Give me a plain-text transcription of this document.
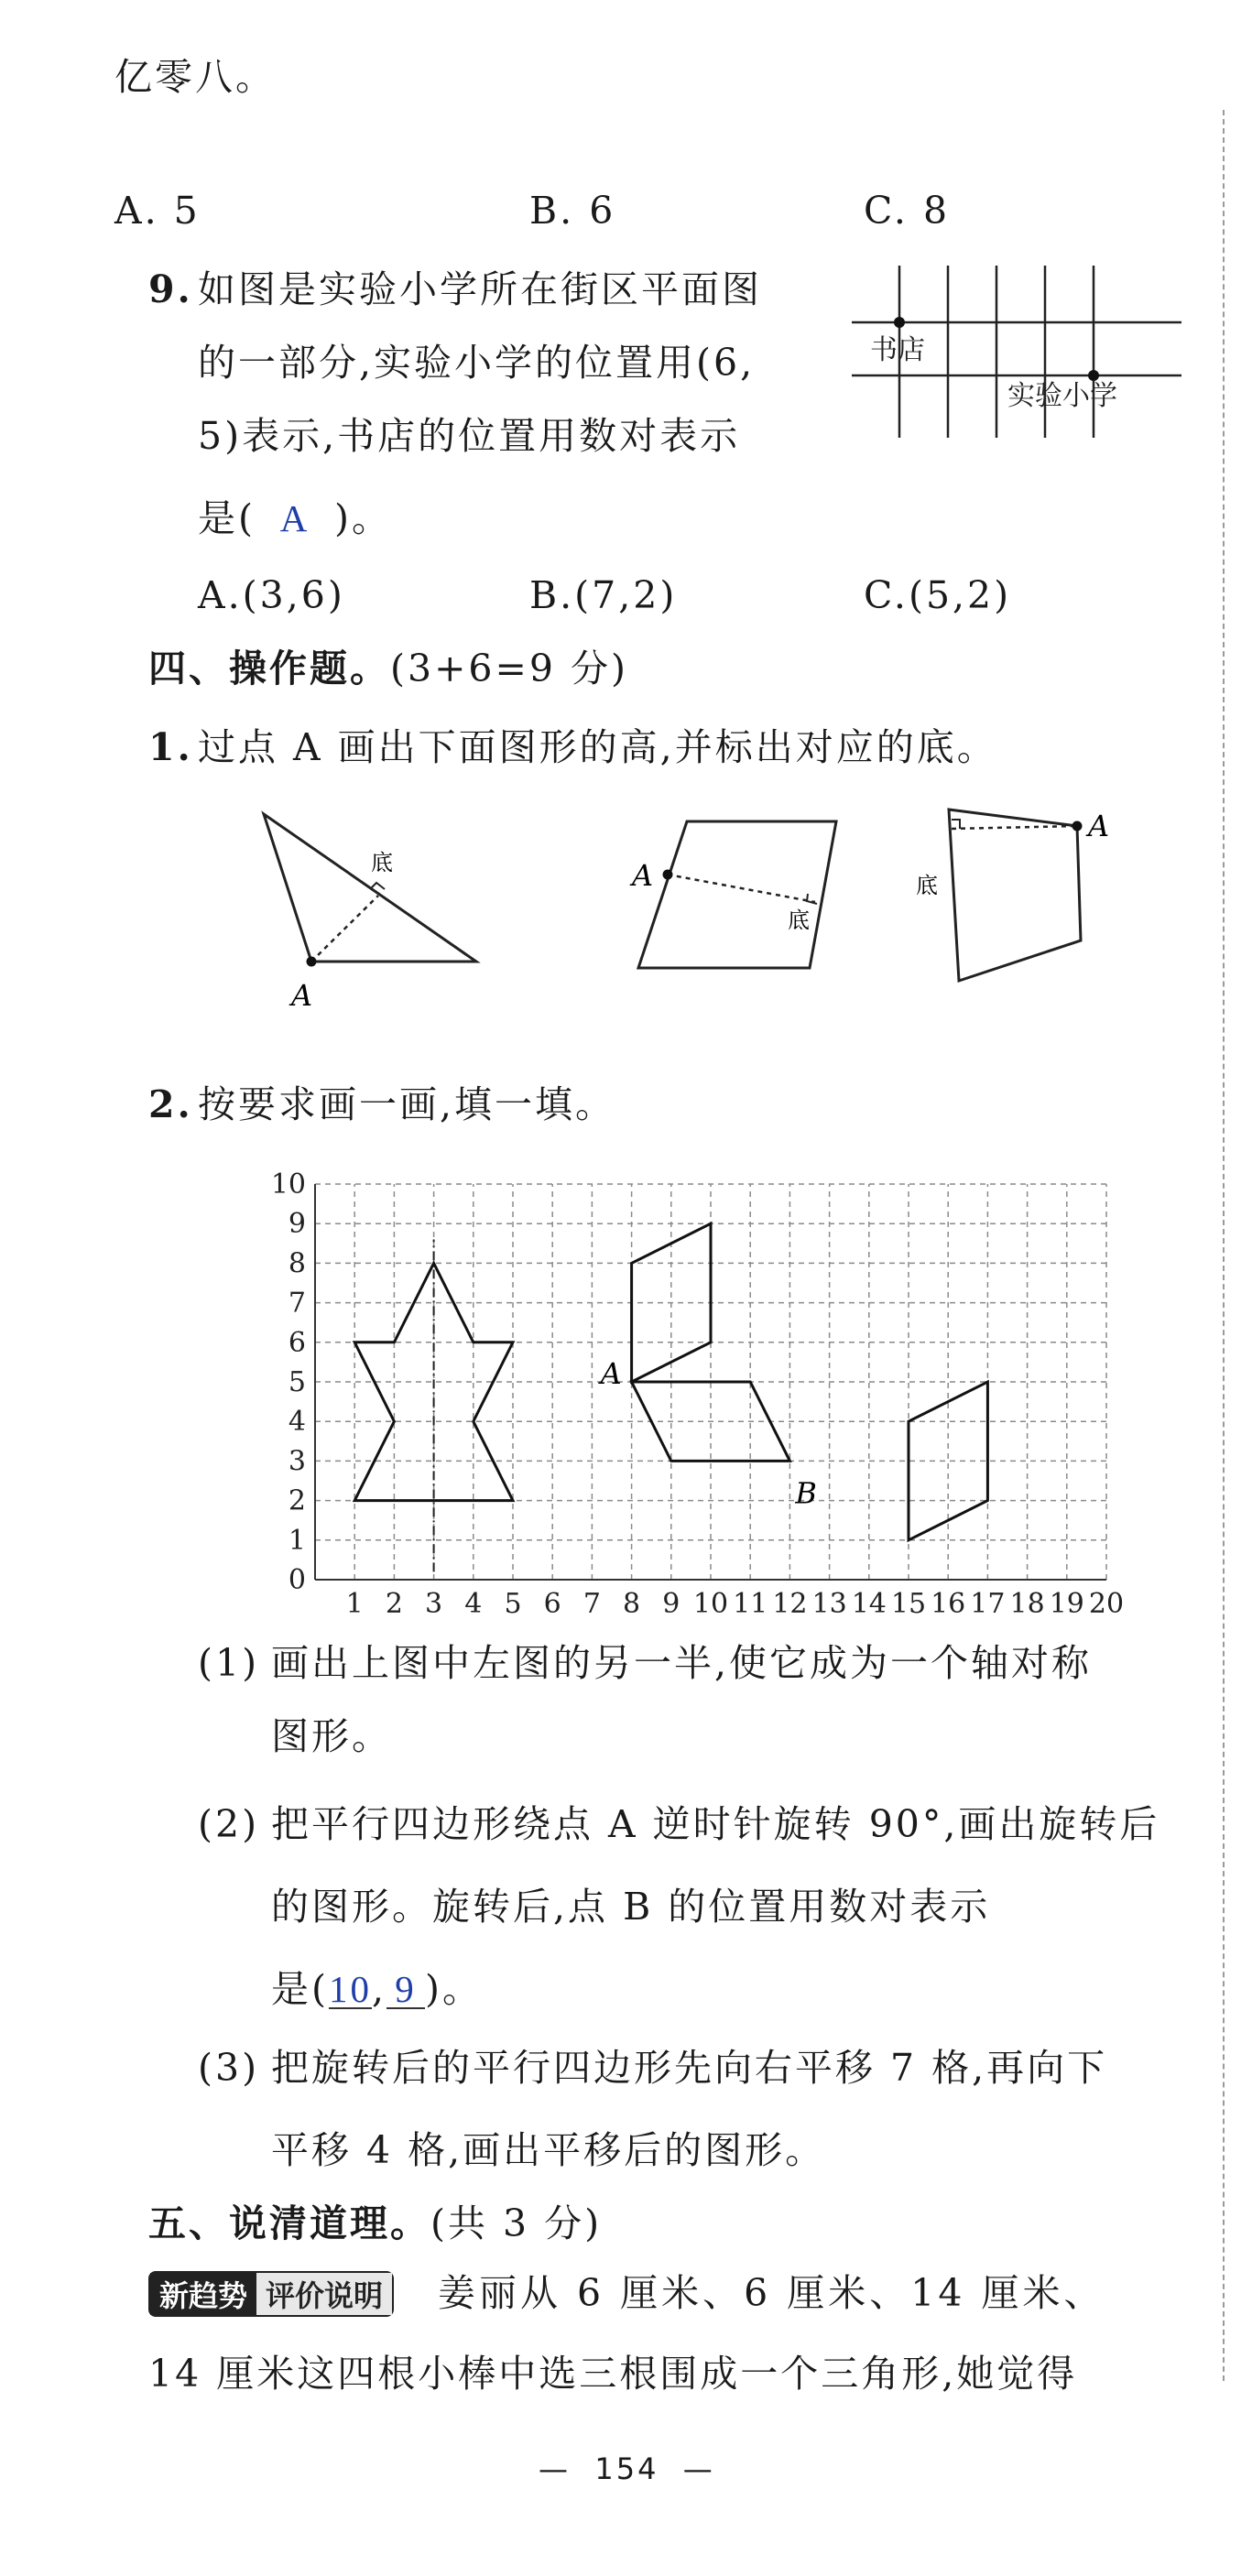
亿零八。
A. 5	B. 6	C. 8
9. 如图是实验小学所在街区平面图
的一部分,实验小学的位置用(6,
5)表示,书店的位置用数对表示
是( A )。
A.(3,6)	B.(7,2)	C.(5,2)
书店
实验小学
四、操作题。(3+6=9 分)
1. 过点 A 画出下面图形的高,并标出对应的底。
A
底	A
底
A
底
2. 按要求画一画,填一填。
1 2 3 4 5 6 7 8 9 10 11 12 13 14 15 16 17 18 19 20
0
1
2
3
4
5
6
7
8
9
10
A
B
(1) 画出上图中左图的另一半,使它成为一个轴对称
图形。
(2) 把平行四边形绕点 A 逆时针旋转 90°,画出旋转后
的图形。旋转后,点 B 的位置用数对表示
是(10, 9 )。
(3) 把旋转后的平行四边形先向右平移 7 格,再向下
平移 4 格,画出平移后的图形。
五、说清道理。(共 3 分)
新趋势 评价说明 姜丽从 6 厘米、6 厘米、14 厘米、
14 厘米这四根小棒中选三根围成一个三角形,她觉得
—  154  —
